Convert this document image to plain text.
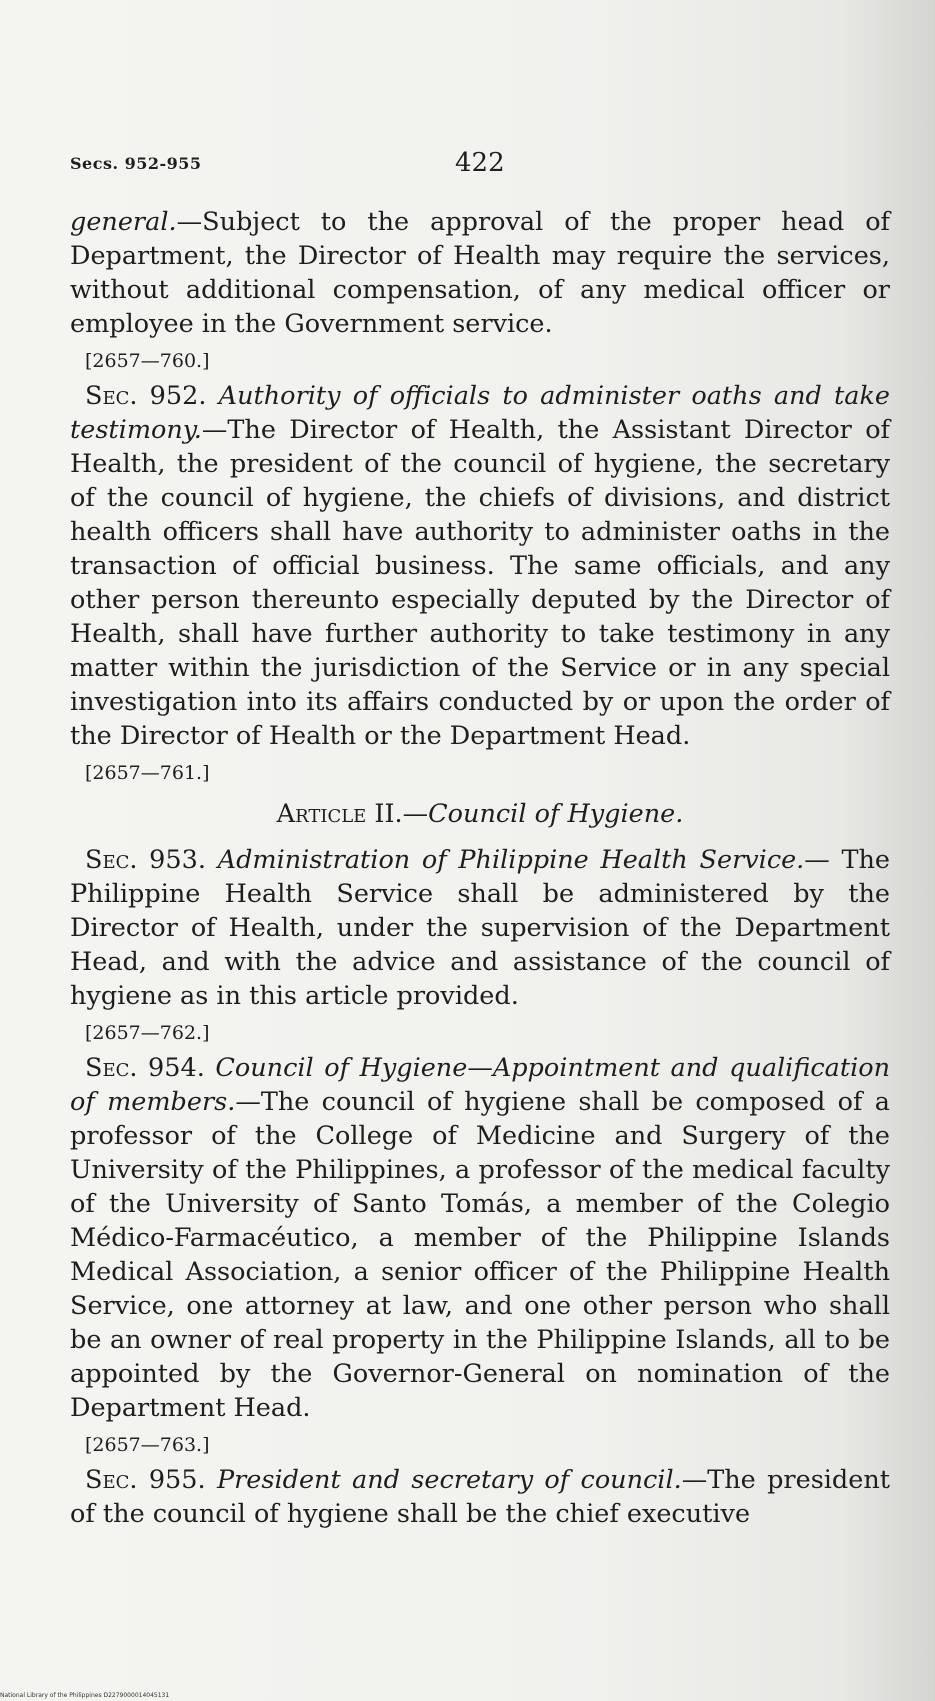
Secs. 952-955	422

general.—Subject to the approval of the proper head of Department, the Director of Health may require the services, without additional compensation, of any medical officer or employee in the Government service.

[2657—760.]

Sec. 952. Authority of officials to administer oaths and take testimony.—The Director of Health, the Assistant Director of Health, the president of the council of hygiene, the secretary of the council of hygiene, the chiefs of divisions, and district health officers shall have authority to administer oaths in the transaction of official business. The same officials, and any other person thereunto especially deputed by the Director of Health, shall have further authority to take testimony in any matter within the jurisdiction of the Service or in any special investigation into its affairs conducted by or upon the order of the Director of Health or the Department Head.

[2657—761.]

Article II.—Council of Hygiene.

Sec. 953. Administration of Philippine Health Service.— The Philippine Health Service shall be administered by the Director of Health, under the supervision of the Department Head, and with the advice and assistance of the council of hygiene as in this article provided.

[2657—762.]

Sec. 954. Council of Hygiene—Appointment and qualification of members.—The council of hygiene shall be composed of a professor of the College of Medicine and Surgery of the University of the Philippines, a professor of the medical faculty of the University of Santo Tomás, a member of the Colegio Médico-Farmacéutico, a member of the Philippine Islands Medical Association, a senior officer of the Philippine Health Service, one attorney at law, and one other person who shall be an owner of real property in the Philippine Islands, all to be appointed by the Governor-General on nomination of the Department Head.

[2657—763.]

Sec. 955. President and secretary of council.—The president of the council of hygiene shall be the chief executive

National Library of the Philippines D2279000014045131
